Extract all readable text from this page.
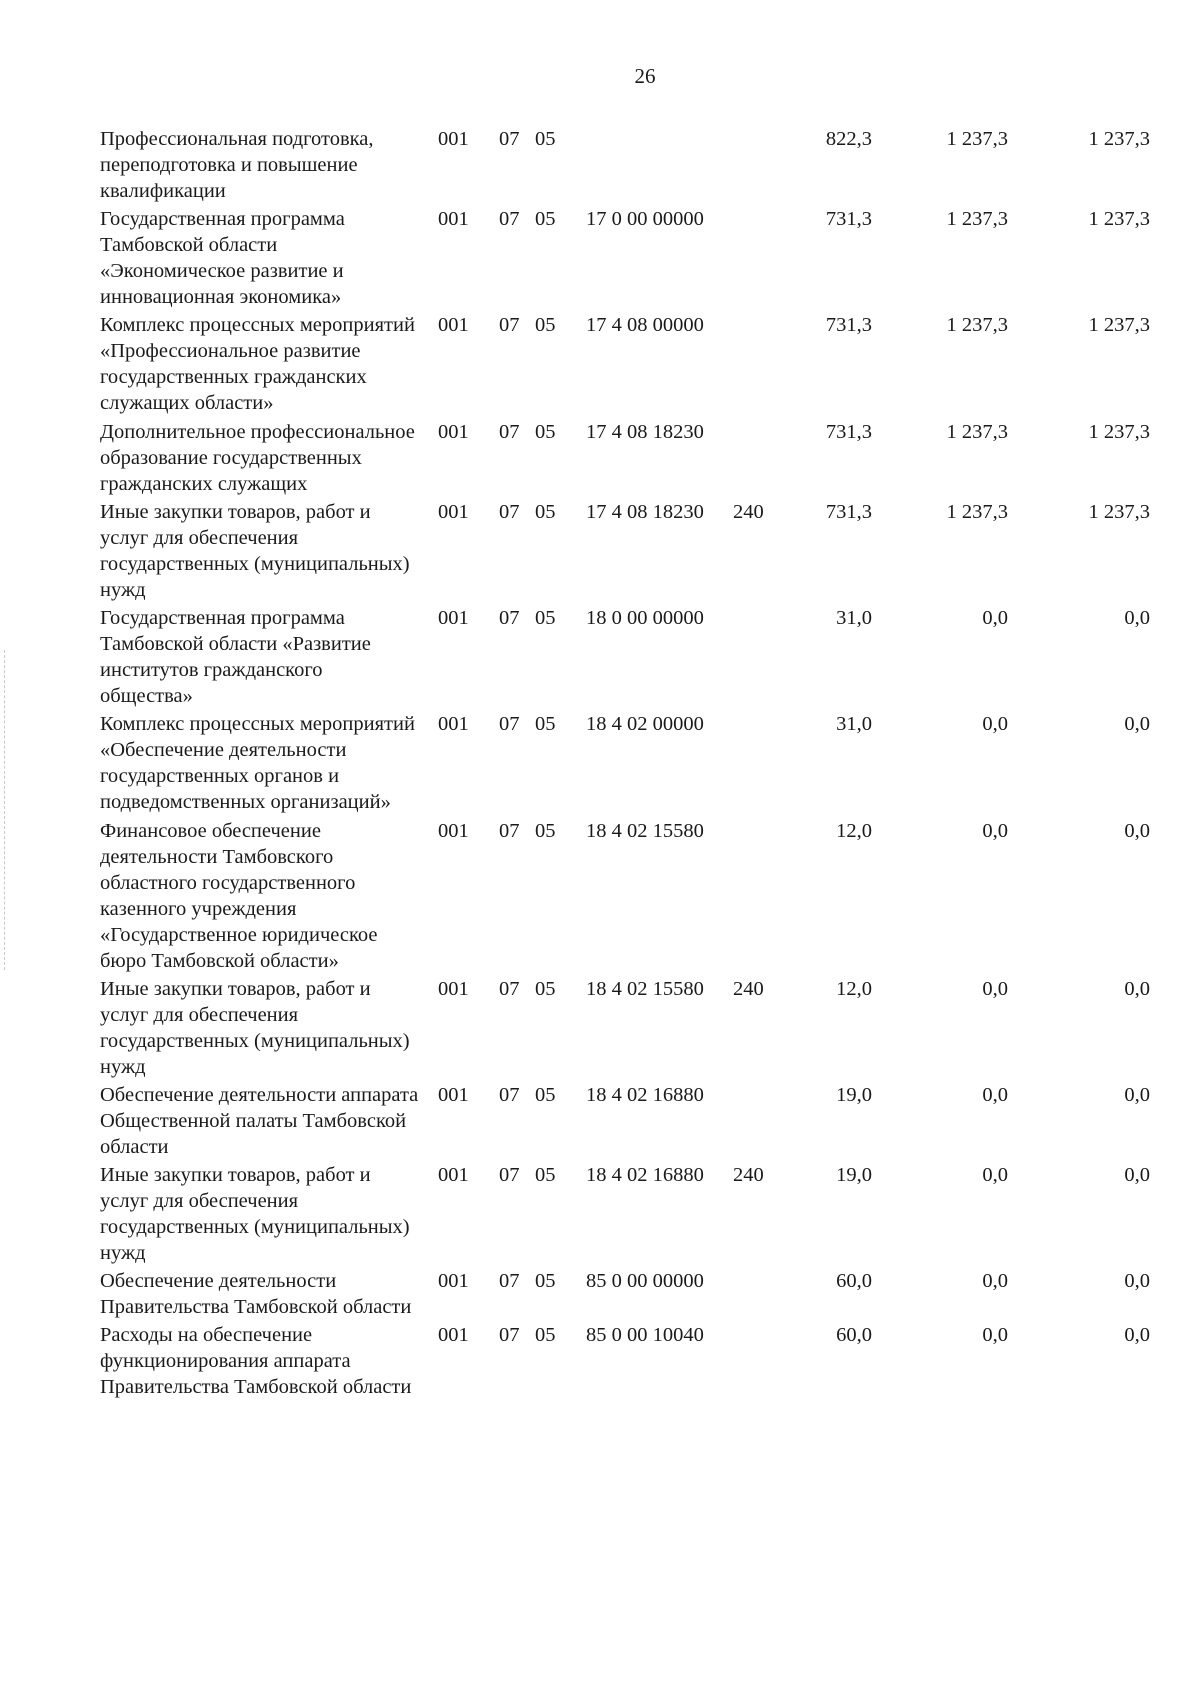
26
Профессиональная подготовка, переподготовка и повышение квалификации
001	07 05	822,3	1 237,3	1 237,3
Государственная программа Тамбовской области «Экономическое развитие и инновационная экономика»
001	07 05	17 0 00 00000	731,3	1 237,3	1 237,3
Комплекс процессных мероприятий «Профессиональное развитие государственных гражданских служащих области»
001	07 05	17 4 08 00000	731,3	1 237,3	1 237,3
Дополнительное профессиональное образование государственных гражданских служащих
001	07 05	17 4 08 18230	731,3	1 237,3	1 237,3
Иные закупки товаров, работ и услуг для обеспечения государственных (муниципальных) нужд
001	07 05	17 4 08 18230	240	731,3	1 237,3	1 237,3
Государственная программа Тамбовской области «Развитие институтов гражданского общества»
001	07 05	18 0 00 00000	31,0	0,0	0,0
Комплекс процессных мероприятий «Обеспечение деятельности государственных органов и подведомственных организаций»
001	07 05	18 4 02 00000	31,0	0,0	0,0
Финансовое обеспечение деятельности Тамбовского областного государственного казенного учреждения «Государственное юридическое бюро Тамбовской области»
001	07 05	18 4 02 15580	12,0	0,0	0,0
Иные закупки товаров, работ и услуг для обеспечения государственных (муниципальных) нужд
001	07 05	18 4 02 15580	240	12,0	0,0	0,0
Обеспечение деятельности аппарата Общественной палаты Тамбовской области
001	07 05	18 4 02 16880	19,0	0,0	0,0
Иные закупки товаров, работ и услуг для обеспечения государственных (муниципальных) нужд
001	07 05	18 4 02 16880	240	19,0	0,0	0,0
Обеспечение деятельности Правительства Тамбовской области
001	07 05	85 0 00 00000	60,0	0,0	0,0
Расходы на обеспечение функционирования аппарата Правительства Тамбовской области
001	07 05	85 0 00 10040	60,0	0,0	0,0
